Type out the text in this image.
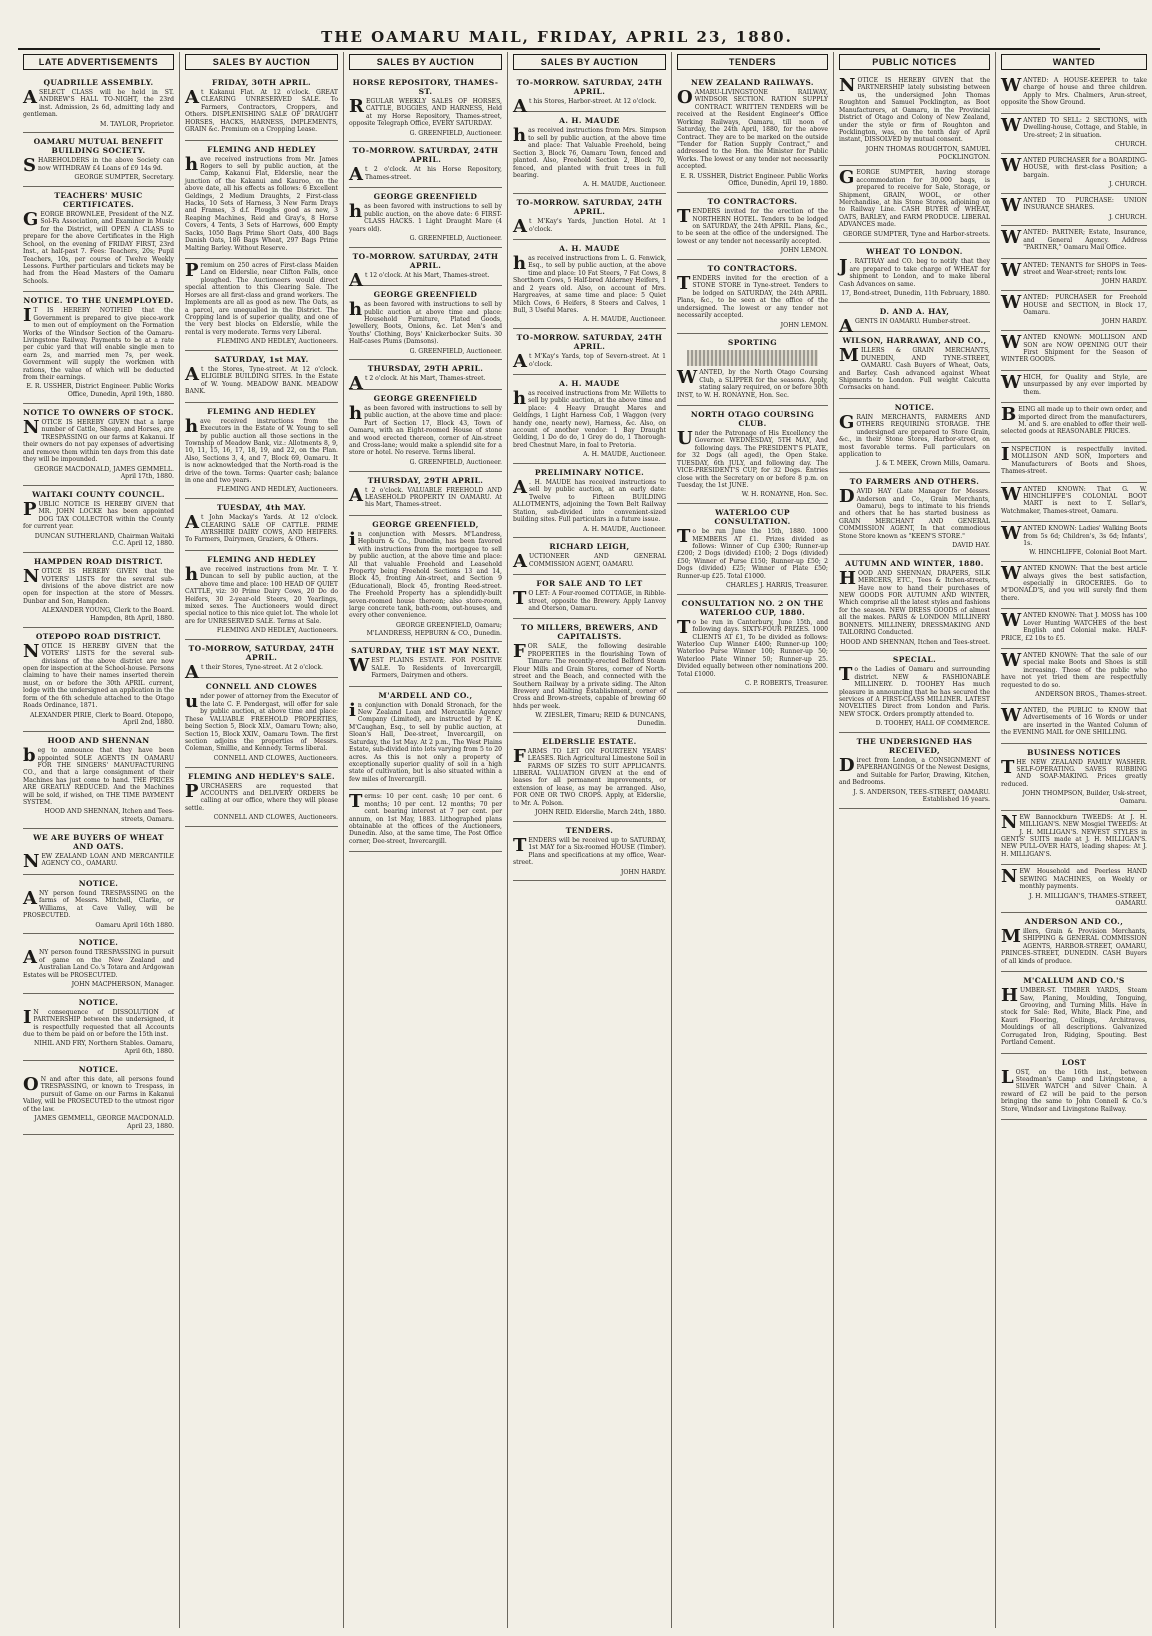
THE OAMARU MAIL, FRIDAY, APRIL 23, 1880.
LATE ADVERTISEMENTS
QUADRILLE ASSEMBLY.
A SELECT CLASS will be held in ST. ANDREW'S HALL TO-NIGHT, the 23rd inst. Admission, 2s 6d, admitting lady and gentleman.
M. TAYLOR, Proprietor.
OAMARU MUTUAL BENEFIT BUILDING SOCIETY.
SHAREHOLDERS in the above Society can now WITHDRAW £4 Loans of £9 14s 9d.
GEORGE SUMPTER, Secretary.
TEACHERS' MUSIC CERTIFICATES.
GEORGE BROWNLEE, President of the N.Z. Sol-Fa Association, and Examiner in Music for the District, will OPEN A CLASS to prepare for the above Certificates in the High School, on the evening of FRIDAY FIRST, 23rd Inst., at half-past 7. Fees: Teachers, 20s; Pupil Teachers, 10s, per course of Twelve Weekly Lessons. Further particulars and tickets may be had from the Head Masters of the Oamaru Schools.
NOTICE. TO THE UNEMPLOYED.
I T IS HEREBY NOTIFIED that the Government is prepared to give piece-work to men out of employment on the Formation Works of the Windsor Section of the Oamaru-Livingstone Railway. Payments to be at a rate per cubic yard that will enable single men to earn 2s, and married men 7s, per week. Government will supply the workmen with rations, the value of which will be deducted from their earnings.
E. R. USSHER, District Engineer. Public Works Office, Dunedin, April 19th, 1880.
NOTICE TO OWNERS OF STOCK.
NOTICE IS HEREBY GIVEN that a large number of Cattle, Sheep, and Horses, are TRESPASSING on our farms at Kakanui. If their owners do not pay expenses of advertising and remove them within ten days from this date they will be impounded.
GEORGE MACDONALD, JAMES GEMMELL. April 17th, 1880.
WAITAKI COUNTY COUNCIL.
PUBLIC NOTICE IS HEREBY GIVEN that MR. JOHN LOCKE has been appointed DOG TAX COLLECTOR within the County for current year.
DUNCAN SUTHERLAND, Chairman Waitaki C.C. April 12, 1880.
HAMPDEN ROAD DISTRICT.
NOTICE IS HEREBY GIVEN that the VOTERS' LISTS for the several sub-divisions of the above district are now open for inspection at the store of Messrs. Dunbar and Son, Hampden.
ALEXANDER YOUNG, Clerk to the Board. Hampden, 8th April, 1880.
OTEPOPO ROAD DISTRICT.
NOTICE IS HEREBY GIVEN that the VOTERS' LISTS for the several sub-divisions of the above district are now open for inspection at the School-house. Persons claiming to have their names inserted therein must, on or before the 30th APRIL current, lodge with the undersigned an application in the form of the 6th schedule attached to the Otago Roads Ordinance, 1871.
ALEXANDER PIRIE, Clerk to Board. Otepopo, April 2nd, 1880.
HOOD AND SHENNAN
beg to announce that they have been appointed SOLE AGENTS IN OAMARU FOR THE SINGERS' MANUFACTURING CO., and that a large consignment of their Machines has just come to hand. THE PRICES ARE GREATLY REDUCED. And the Machines will be sold, if wished, on THE TIME PAYMENT SYSTEM.
HOOD AND SHENNAN, Itchen and Tees-streets, Oamaru.
WE ARE BUYERS OF WHEAT AND OATS.
NEW ZEALAND LOAN AND MERCANTILE AGENCY CO., OAMARU.
NOTICE.
ANY person found TRESPASSING on the farms of Messrs. Mitchell, Clarke, or Williams, at Cave Valley, will be PROSECUTED.
Oamaru April 16th 1880.
NOTICE.
ANY person found TRESPASSING in pursuit of game on the New Zealand and Australian Land Co.'s Totara and Ardgowan Estates will be PROSECUTED.
JOHN MACPHERSON, Manager.
NOTICE.
I N consequence of DISSOLUTION of PARTNERSHIP between the undersigned, it is respectfully requested that all Accounts due to them be paid on or before the 15th inst.
NIHIL AND FRY, Northern Stables. Oamaru, April 6th, 1880.
NOTICE.
O N and after this date, all persons found TRESPASSING, or known to Trespass, in pursuit of Game on our Farms in Kakanui Valley, will be PROSECUTED to the utmost rigor of the law.
JAMES GEMMELL, GEORGE MACDONALD. April 23, 1880.
SALES BY AUCTION
FRIDAY, 30TH APRIL.
At Kakanui Flat. At 12 o'clock. GREAT CLEARING UNRESERVED SALE. To Farmers, Contractors, Croppers, and Others. DISPLENISHING SALE OF DRAUGHT HORSES, HACKS, HARNESS, IMPLEMENTS, GRAIN &c. Premium on a Cropping Lease.
FLEMING AND HEDLEY
have received instructions from Mr. James Rogers to sell by public auction, at the Camp, Kakanui Flat, Elderslie, near the junction of the Kakanui and Kauroo, on the above date, all his effects as follows: 6 Excellent Geldings, 2 Medium Draughts, 2 First-class Hacks, 10 Sets of Harness, 3 New Farm Drays and Frames, 3 d.f. Ploughs good as new, 3 Reaping Machines, Reid and Gray's, 8 Horse Covers, 4 Tents, 3 Sets of Harrows, 600 Empty Sacks, 1050 Bags Prime Short Oats, 400 Bags Danish Oats, 186 Bags Wheat, 297 Bags Prime Malting Barley. Without Reserve.
Premium on 250 acres of First-class Maiden Land on Elderslie, near Clifton Falls, once ploughed. The Auctioneers would direct special attention to this Clearing Sale. The Horses are all first-class and grand workers. The Implements are all as good as new. The Oats, as a parcel, are unequalled in the District. The Cropping land is of superior quality, and one of the very best blocks on Elderslie, while the rental is very moderate. Terms very Liberal.
FLEMING AND HEDLEY, Auctioneers.
SATURDAY, 1st MAY.
At the Stores, Tyne-street. At 12 o'clock. ELIGIBLE BUILDING SITES. In the Estate of W. Young. MEADOW BANK. MEADOW BANK.
FLEMING AND HEDLEY
have received instructions from the Executors in the Estate of W. Young to sell by public auction all those sections in the Township of Meadow Bank, viz.: Allotments 8, 9, 10, 11, 15, 16, 17, 18, 19, and 22, on the Plan. Also, Sections 3, 4, and 7, Block 69, Oamaru. It is now acknowledged that the North-road is the drive of the town. Terms: Quarter cash; balance in one and two years.
FLEMING AND HEDLEY, Auctioneers.
TUESDAY, 4th MAY.
At John Mackay's Yards. At 12 o'clock. CLEARING SALE OF CATTLE. PRIME AYRSHIRE DAIRY COWS, AND HEIFERS. To Farmers, Dairymen, Graziers, & Others.
FLEMING AND HEDLEY
have received instructions from Mr. T. Y. Duncan to sell by public auction, at the above time and place: 100 HEAD OF QUIET CATTLE, viz: 30 Prime Dairy Cows, 20 Do do Heifers, 30 2-year-old Steers, 20 Yearlings, mixed sexes. The Auctioneers would direct special notice to this nice quiet lot. The whole lot are for UNRESERVED SALE. Terms at Sale.
FLEMING AND HEDLEY, Auctioneers.
TO-MORROW, SATURDAY, 24TH APRIL.
At their Stores, Tyne-street. At 2 o'clock.
CONNELL AND CLOWES
under power of attorney from the Executor of the late C. F. Pendergast, will offer for sale by public auction, at above time and place: These VALUABLE FREEHOLD PROPERTIES, being Section 5, Block XLV., Oamaru Town; also, Section 15, Block XXIV., Oamaru Town. The first section adjoins the properties of Messrs. Coleman, Smillie, and Kennedy. Terms liberal.
CONNELL AND CLOWES, Auctioneers.
FLEMING AND HEDLEY'S SALE.
PURCHASERS are requested that ACCOUNTS and DELIVERY ORDERS be calling at our office, where they will please settle.
CONNELL AND CLOWES, Auctioneers.
SALES BY AUCTION
HORSE REPOSITORY, THAMES-ST.
REGULAR WEEKLY SALES OF HORSES, CATTLE, BUGGIES, AND HARNESS, Held at my Horse Repository, Thames-street, opposite Telegraph Office, EVERY SATURDAY.
G. GREENFIELD, Auctioneer.
TO-MORROW. SATURDAY, 24TH APRIL.
At 2 o'clock. At his Horse Repository, Thames-street.
GEORGE GREENFIELD
has been favored with instructions to sell by public auction, on the above date: 6 FIRST-CLASS HACKS. 1 Light Draught Mare (4 years old).
G. GREENFIELD, Auctioneer.
TO-MORROW. SATURDAY, 24TH APRIL.
At 12 o'clock. At his Mart, Thames-street.
GEORGE GREENFIELD
has been favored with instructions to sell by public auction at above time and place: Household Furniture, Plated Goods, Jewellery, Boots, Onions, &c. Let Men's and Youths' Clothing, Boys' Knickerbocker Suits. 30 Half-cases Plums (Damsons).
G. GREENFIELD, Auctioneer.
THURSDAY, 29TH APRIL.
At 2 o'clock. At his Mart, Thames-street.
GEORGE GREENFIELD
has been favored with instructions to sell by public auction, at the above time and place: Part of Section 17, Block 43, Town of Oamaru, with an Eight-roomed House of stone and wood erected thereon, corner of Ain-street and Cross-lane; would make a splendid site for a store or hotel. No reserve. Terms liberal.
G. GREENFIELD, Auctioneer.
THURSDAY, 29TH APRIL.
At 2 o'clock. VALUABLE FREEHOLD AND LEASEHOLD PROPERTY IN OAMARU. At his Mart, Thames-street.
GEORGE GREENFIELD,
in conjunction with Messrs. M'Landress, Hepburn & Co., Dunedin, has been favored with instructions from the mortgagee to sell by public auction, at the above time and place: All that valuable Freehold and Leasehold Property being Freehold Sections 13 and 14, Block 45, fronting Ain-street, and Section 9 (Educational), Block 45, fronting Reed-street. The Freehold Property has a splendidly-built seven-roomed house thereon; also store-room, large concrete tank, bath-room, out-houses, and every other convenience.
GEORGE GREENFIELD, Oamaru; M'LANDRESS, HEPBURN & CO., Dunedin.
SATURDAY, THE 1ST MAY NEXT.
WEST PLAINS ESTATE. FOR POSITIVE SALE. To Residents of Invercargill, Farmers, Dairymen and others.
M'ARDELL AND CO.,
in conjunction with Donald Stronach, for the New Zealand Loan and Mercantile Agency Company (Limited), are instructed by P. K. M'Caughan, Esq., to sell by public auction, at Sloan's Hall, Dee-street, Invercargill, on Saturday, the 1st May. At 2 p.m., The West Plains Estate, sub-divided into lots varying from 5 to 20 acres. As this is not only a property of exceptionally superior quality of soil in a high state of cultivation, but is also situated within a few miles of Invercargill.
Terms: 10 per cent. cash; 10 per cent. 6 months; 10 per cent. 12 months; 70 per cent. bearing interest at 7 per cent. per annum, on 1st May, 1883. Lithographed plans obtainable at the offices of the Auctioneers, Dunedin. Also, at the same time, The Post Office corner, Dee-street, Invercargill.
SALES BY AUCTION
TO-MORROW. SATURDAY, 24TH APRIL.
At his Stores, Harbor-street. At 12 o'clock.
A. H. MAUDE
has received instructions from Mrs. Simpson to sell by public auction, at the above time and place: That Valuable Freehold, being Section 3, Block 76, Oamaru Town, fenced and planted. Also, Freehold Section 2, Block 70, fenced, and planted with fruit trees in full bearing.
A. H. MAUDE, Auctioneer.
TO-MORROW. SATURDAY, 24TH APRIL.
At M'Kay's Yards, Junction Hotel. At 1 o'clock.
A. H. MAUDE
has received instructions from L. G. Fenwick, Esq., to sell by public auction, at the above time and place: 10 Fat Steers, 7 Fat Cows, 8 Shorthorn Cows, 5 Half-bred Alderney Heifers, 1 and 2 years old. Also, on account of Mrs. Hargreaves, at same time and place: 5 Quiet Milch Cows, 6 Heifers, 8 Steers and Calves, 1 Bull, 3 Useful Mares.
A. H. MAUDE, Auctioneer.
TO-MORROW. SATURDAY, 24TH APRIL.
At M'Kay's Yards, top of Severn-street. At 1 o'clock.
A. H. MAUDE
has received instructions from Mr. Willetts to sell by public auction, at the above time and place: 4 Heavy Draught Mares and Geldings, 1 Light Harness Cob, 1 Waggon (very handy one, nearly new), Harness, &c. Also, on account of another vendor: 1 Bay Draught Gelding, 1 Do do do, 1 Grey do do, 1 Thorough-bred Chestnut Mare, in foal to Pretoria.
A. H. MAUDE, Auctioneer.
PRELIMINARY NOTICE.
A . H. MAUDE has received instructions to sell by public auction, at an early date: Twelve to Fifteen BUILDING ALLOTMENTS, adjoining the Town Belt Railway Station, sub-divided into convenient-sized building sites. Full particulars in a future issue.
A. H. MAUDE, Auctioneer.
RICHARD LEIGH,
AUCTIONEER AND GENERAL COMMISSION AGENT, OAMARU.
FOR SALE AND TO LET
T O LET: A Four-roomed COTTAGE, in Ribble-street, opposite the Brewery. Apply Lanvoy and Oterson, Oamaru.
TO MILLERS, BREWERS, AND CAPITALISTS.
FOR SALE, the following desirable PROPERTIES in the flourishing Town of Timaru: The recently-erected Belford Steam Flour Mills and Grain Stores, corner of North-street and the Beach, and connected with the Southern Railway by a private siding. The Alton Brewery and Malting Establishment, corner of Cross and Brown-streets, capable of brewing 60 hhds per week.
W. ZIESLER, Timaru; REID & DUNCANS, Dunedin.
ELDERSLIE ESTATE.
FARMS TO LET ON FOURTEEN YEARS' LEASES. Rich Agricultural Limestone Soil in FARMS OF SIZES TO SUIT APPLICANTS. LIBERAL VALUATION GIVEN at the end of leases for all permanent improvements, or extension of lease, as may be arranged. Also, FOR ONE OR TWO CROPS. Apply, at Elderslie, to Mr. A. Polson.
JOHN REID. Elderslie, March 24th, 1880.
TENDERS.
TENDERS will be received up to SATURDAY, 1st MAY for a Six-roomed HOUSE (Timber). Plans and specifications at my office, Wear-street.
JOHN HARDY.
TENDERS
NEW ZEALAND RAILWAYS.
OAMARU-LIVINGSTONE RAILWAY, WINDSOR SECTION. RATION SUPPLY CONTRACT. WRITTEN TENDERS will be received at the Resident Engineer's Office Working Railways, Oamaru, till noon of Saturday, the 24th April, 1880, for the above Contract. They are to be marked on the outside "Tender for Ration Supply Contract," and addressed to the Hon. the Minister for Public Works. The lowest or any tender not necessarily accepted.
E. R. USSHER, District Engineer. Public Works Office, Dunedin, April 19, 1880.
TO CONTRACTORS.
TENDERS invited for the erection of the NORTHERN HOTEL. Tenders to be lodged on SATURDAY, the 24th APRIL. Plans, &c., to be seen at the office of the undersigned. The lowest or any tender not necessarily accepted.
JOHN LEMON.
TO CONTRACTORS.
TENDERS invited for the erection of a STONE STORE in Tyne-street. Tenders to be lodged on SATURDAY, the 24th APRIL. Plans, &c., to be seen at the office of the undersigned. The lowest or any tender not necessarily accepted.
JOHN LEMON.
SPORTING
WANTED, by the North Otago Coursing Club, a SLIPPER for the seasons. Apply, stating salary required, on or before 30th INST, to W. H. RONAYNE, Hon. Sec.
NORTH OTAGO COURSING CLUB.
Under the Patronage of His Excellency the Governor. WEDNESDAY, 5TH MAY, And following days. The PRESIDENT'S PLATE, for 32 Dogs (all aged), the Open Stake. TUESDAY, 6th JULY, and following day. The VICE-PRESIDENT'S CUP, for 32 Dogs. Entries close with the Secretary on or before 8 p.m. on Tuesday, the 1st JUNE.
W. H. RONAYNE, Hon. Sec.
WATERLOO CUP CONSULTATION.
To be run June the 15th, 1880. 1000 MEMBERS AT £1. Prizes divided as follows: Winner of Cup £300; Runner-up £200; 2 Dogs (divided) £100; 2 Dogs (divided) £50; Winner of Purse £150; Runner-up £50; 2 Dogs (divided) £25; Winner of Plate £50; Runner-up £25. Total £1000.
CHARLES J. HARRIS, Treasurer.
CONSULTATION NO. 2 ON THE WATERLOO CUP, 1880.
To be run in Canterbury, June 15th, and following days. SIXTY-FOUR PRIZES. 1000 CLIENTS AT £1, To be divided as follows: Waterloo Cup Winner £400; Runner-up 100; Waterloo Purse Winner 100; Runner-up 50; Waterloo Plate Winner 50; Runner-up 25. Divided equally between other nominations 200. Total £1000.
C. P. ROBERTS, Treasurer.
PUBLIC NOTICES
NOTICE IS HEREBY GIVEN that the PARTNERSHIP lately subsisting between us, the undersigned John Thomas Roughton and Samuel Pocklington, as Boot Manufacturers, at Oamaru, in the Provincial District of Otago and Colony of New Zealand, under the style or firm of Roughton and Pocklington, was, on the tenth day of April instant, DISSOLVED by mutual consent.
JOHN THOMAS ROUGHTON, SAMUEL POCKLINGTON.
GEORGE SUMPTER, having storage accommodation for 30,000 bags, is prepared to receive for Sale, Storage, or Shipment, GRAIN, WOOL, or other Merchandise, at his Stone Stores, adjoining on to Railway Line. CASH BUYER of WHEAT, OATS, BARLEY, and FARM PRODUCE. LIBERAL ADVANCES made.
GEORGE SUMPTER, Tyne and Harbor-streets.
WHEAT TO LONDON.
J . RATTRAY and CO. beg to notify that they are prepared to take charge of WHEAT for shipment to London, and to make liberal Cash Advances on same.
17, Bond-street, Dunedin, 11th February, 1880.
D. AND A. HAY,
AGENTS IN OAMARU. Humber-street.
WILSON, HARRAWAY, AND CO.,
MILLERS & GRAIN MERCHANTS, DUNEDIN, AND TYNE-STREET, OAMARU. Cash Buyers of Wheat, Oats, and Barley. Cash advanced against Wheat Shipments to London. Full weight Calcutta Cornsacks on hand.
NOTICE.
GRAIN MERCHANTS, FARMERS AND OTHERS REQUIRING STORAGE. THE undersigned are prepared to Store Grain, &c., in their Stone Stores, Harbor-street, on most favorable terms. Full particulars on application to
J. & T. MEEK, Crown Mills, Oamaru.
TO FARMERS AND OTHERS.
DAVID HAY (Late Manager for Messrs. Anderson and Co., Grain Merchants, Oamaru), begs to intimate to his friends and others that he has started business as GRAIN MERCHANT AND GENERAL COMMISSION AGENT, In that commodious Stone Store known as "KEEN'S STORE."
DAVID HAY.
AUTUMN AND WINTER, 1880.
HOOD AND SHENNAN, DRAPERS, SILK MERCERS, ETC., Tees & Itchen-streets, Have now to hand their purchases of NEW GOODS FOR AUTUMN AND WINTER, Which comprise all the latest styles and fashions for the season. NEW DRESS GOODS of almost all the makes. PARIS & LONDON MILLINERY BONNETS. MILLINERY, DRESSMAKING AND TAILORING Conducted.
HOOD AND SHENNAN, Itchen and Tees-street.
SPECIAL.
To the Ladies of Oamaru and surrounding district. NEW & FASHIONABLE MILLINERY. D. TOOHEY Has much pleasure in announcing that he has secured the services of A FIRST-CLASS MILLINER. LATEST NOVELTIES Direct from London and Paris. NEW STOCK. Orders promptly attended to.
D. TOOHEY, HALL OF COMMERCE.
THE UNDERSIGNED HAS RECEIVED,
Direct from London, a CONSIGNMENT of PAPERHANGINGS Of the Newest Designs, and Suitable for Parlor, Drawing, Kitchen, and Bedrooms.
J. S. ANDERSON, TEES-STREET, OAMARU. Established 16 years.
WANTED
WANTED: A HOUSE-KEEPER to take charge of house and three children. Apply to Mrs. Chalmers, Arun-street, opposite the Show Ground.
WANTED TO SELL: 2 SECTIONS, with Dwelling-house, Cottage, and Stable, in Ure-street; 2 in situation.
CHURCH.
WANTED PURCHASER for a BOARDING-HOUSE, with first-class Position; a bargain.
J. CHURCH.
WANTED TO PURCHASE: UNION INSURANCE SHARES.
J. CHURCH.
WANTED: PARTNER; Estate, Insurance, and General Agency. Address "PARTNER," Oamaru Mail Office.
WANTED: TENANTS for SHOPS in Tees-street and Wear-street; rents low.
JOHN HARDY.
WANTED: PURCHASER for Freehold HOUSE and SECTION, in Block 17, Oamaru.
JOHN HARDY.
WANTED KNOWN: MOLLISON AND SON are NOW OPENING OUT their First Shipment for the Season of WINTER GOODS.
WHICH, for Quality and Style, are unsurpassed by any ever imported by them.
BEING all made up to their own order, and imported direct from the manufacturers, M. and S. are enabled to offer their well-selected goods at REASONABLE PRICES.
INSPECTION is respectfully invited. MOLLISON AND SON, Importers and Manufacturers of Boots and Shoes, Thames-street.
WANTED KNOWN: That G. W. HINCHLIFFE'S COLONIAL BOOT MART is next to T. Sellar's, Watchmaker, Thames-street, Oamaru.
WANTED KNOWN: Ladies' Walking Boots from 5s 6d; Children's, 3s 6d; Infants', 1s.
W. HINCHLIFFE, Colonial Boot Mart.
WANTED KNOWN: That the best article always gives the best satisfaction, especially in GROCERIES. Go to M'DONALD'S, and you will surely find them there.
WANTED KNOWN: That J. MOSS has 100 Lover Hunting WATCHES of the best English and Colonial make. HALF-PRICE, £2 10s to £5.
WANTED KNOWN: That the sale of our special make Boots and Shoes is still increasing. Those of the public who have not yet tried them are respectfully requested to do so.
ANDERSON BROS., Thames-street.
WANTED, the PUBLIC to KNOW that Advertisements of 16 Words or under are inserted in the Wanted Column of the EVENING MAIL for ONE SHILLING.
BUSINESS NOTICES
THE NEW ZEALAND FAMILY WASHER. SELF-OPERATING. SAVES RUBBING AND SOAP-MAKING. Prices greatly reduced.
JOHN THOMPSON, Builder, Usk-street, Oamaru.
NEW Bannockburn TWEEDS: At J. H. MILLIGAN'S. NEW Mosgiel TWEEDS: At J. H. MILLIGAN'S. NEWEST STYLES in GENTS' SUITS made at J. H. MILLIGAN'S. NEW PULL-OVER HATS, leading shapes: At J. H. MILLIGAN'S.
NEW Household and Peerless HAND SEWING MACHINES, on Weekly or monthly payments.
J. H. MILLIGAN'S, THAMES-STREET, OAMARU.
ANDERSON AND CO.,
Millers, Grain & Provision Merchants, SHIPPING & GENERAL COMMISSION AGENTS, HARBOR-STREET, OAMARU, PRINCES-STREET, DUNEDIN. CASH Buyers of all kinds of produce.
M'CALLUM AND CO.'S
HUMBER-ST. TIMBER YARDS, Steam Saw, Planing, Moulding, Tonguing, Grooving, and Turning Mills. Have in stock for Sale: Red, White, Black Pine, and Kauri Flooring, Ceilings, Architraves, Mouldings of all descriptions. Galvanized Corrugated Iron, Ridging, Spouting. Best Portland Cement.
LOST
LOST, on the 16th inst., between Steadman's Camp and Livingstone, a SILVER WATCH and Silver Chain. A reward of £2 will be paid to the person bringing the same to John Connell & Co.'s Store, Windsor and Livingstone Railway.
